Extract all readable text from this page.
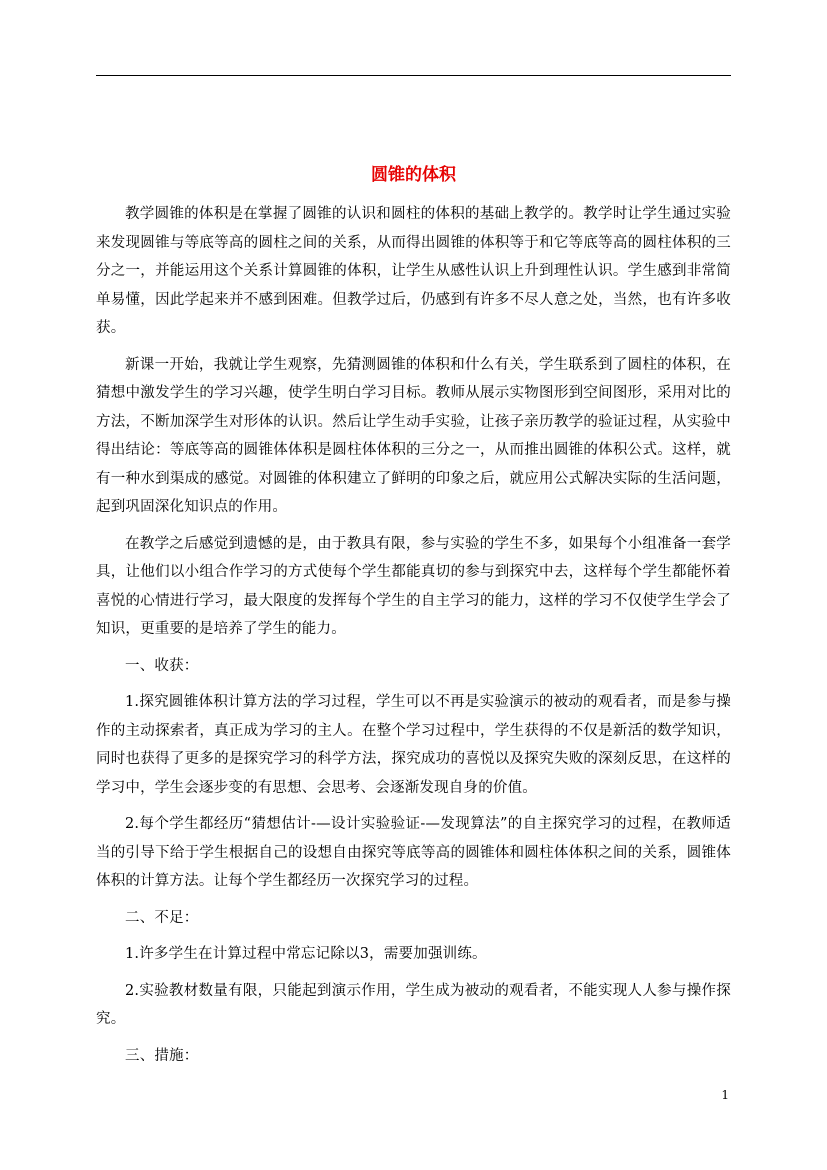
圆锥的体积

教学圆锥的体积是在掌握了圆锥的认识和圆柱的体积的基础上教学的。教学时让学生通过实验来发现圆锥与等底等高的圆柱之间的关系，从而得出圆锥的体积等于和它等底等高的圆柱体积的三分之一，并能运用这个关系计算圆锥的体积，让学生从感性认识上升到理性认识。学生感到非常简单易懂，因此学起来并不感到困难。但教学过后，仍感到有许多不尽人意之处，当然，也有许多收获。

新课一开始，我就让学生观察，先猜测圆锥的体积和什么有关，学生联系到了圆柱的体积，在猜想中激发学生的学习兴趣，使学生明白学习目标。教师从展示实物图形到空间图形，采用对比的方法，不断加深学生对形体的认识。然后让学生动手实验，让孩子亲历教学的验证过程，从实验中得出结论：等底等高的圆锥体体积是圆柱体体积的三分之一，从而推出圆锥的体积公式。这样，就有一种水到渠成的感觉。对圆锥的体积建立了鲜明的印象之后，就应用公式解决实际的生活问题，起到巩固深化知识点的作用。

在教学之后感觉到遗憾的是，由于教具有限，参与实验的学生不多，如果每个小组准备一套学具，让他们以小组合作学习的方式使每个学生都能真切的参与到探究中去，这样每个学生都能怀着喜悦的心情进行学习，最大限度的发挥每个学生的自主学习的能力，这样的学习不仅使学生学会了知识，更重要的是培养了学生的能力。

一、收获：

1.探究圆锥体积计算方法的学习过程，学生可以不再是实验演示的被动的观看者，而是参与操作的主动探索者，真正成为学习的主人。在整个学习过程中，学生获得的不仅是新活的数学知识，同时也获得了更多的是探究学习的科学方法，探究成功的喜悦以及探究失败的深刻反思，在这样的学习中，学生会逐步变的有思想、会思考、会逐渐发现自身的价值。

2.每个学生都经历“猜想估计-—设计实验验证-—发现算法”的自主探究学习的过程，在教师适当的引导下给于学生根据自己的设想自由探究等底等高的圆锥体和圆柱体体积之间的关系，圆锥体体积的计算方法。让每个学生都经历一次探究学习的过程。

二、不足：

1.许多学生在计算过程中常忘记除以3，需要加强训练。

2.实验教材数量有限，只能起到演示作用，学生成为被动的观看者，不能实现人人参与操作探究。

三、措施：

1
